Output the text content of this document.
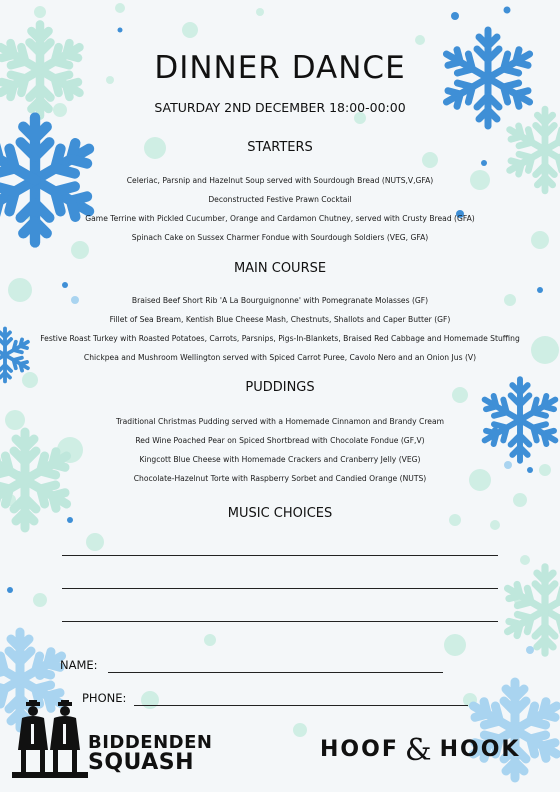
DINNER DANCE

SATURDAY 2ND DECEMBER 18:00-00:00

STARTERS
Celeriac, Parsnip and Hazelnut Soup served with Sourdough Bread (NUTS,V,GFA)
Deconstructed Festive Prawn Cocktail
Game Terrine with Pickled Cucumber, Orange and Cardamon Chutney, served with Crusty Bread (GFA)
Spinach Cake on Sussex Charmer Fondue with Sourdough Soldiers (VEG, GFA)
MAIN COURSE
Braised Beef Short Rib 'A La Bourguignonne' with Pomegranate Molasses (GF)
Fillet of Sea Bream, Kentish Blue Cheese Mash, Chestnuts, Shallots and Caper Butter (GF)
Festive Roast Turkey with Roasted Potatoes, Carrots, Parsnips, Pigs-In-Blankets, Braised Red Cabbage and Homemade Stuffing
Chickpea and Mushroom Wellington served with Spiced Carrot Puree, Cavolo Nero and an Onion Jus (V)
PUDDINGS
Traditional Christmas Pudding served with a Homemade Cinnamon and Brandy Cream
Red Wine Poached Pear on Spiced Shortbread with Chocolate Fondue (GF,V)
Kingcott Blue Cheese with Homemade Crackers and Cranberry Jelly (VEG)
Chocolate-Hazelnut Torte with Raspberry Sorbet and Candied Orange (NUTS)
MUSIC CHOICES
NAME:
PHONE:

BIDDENDEN

SQUASH

HOOF & HOOK
